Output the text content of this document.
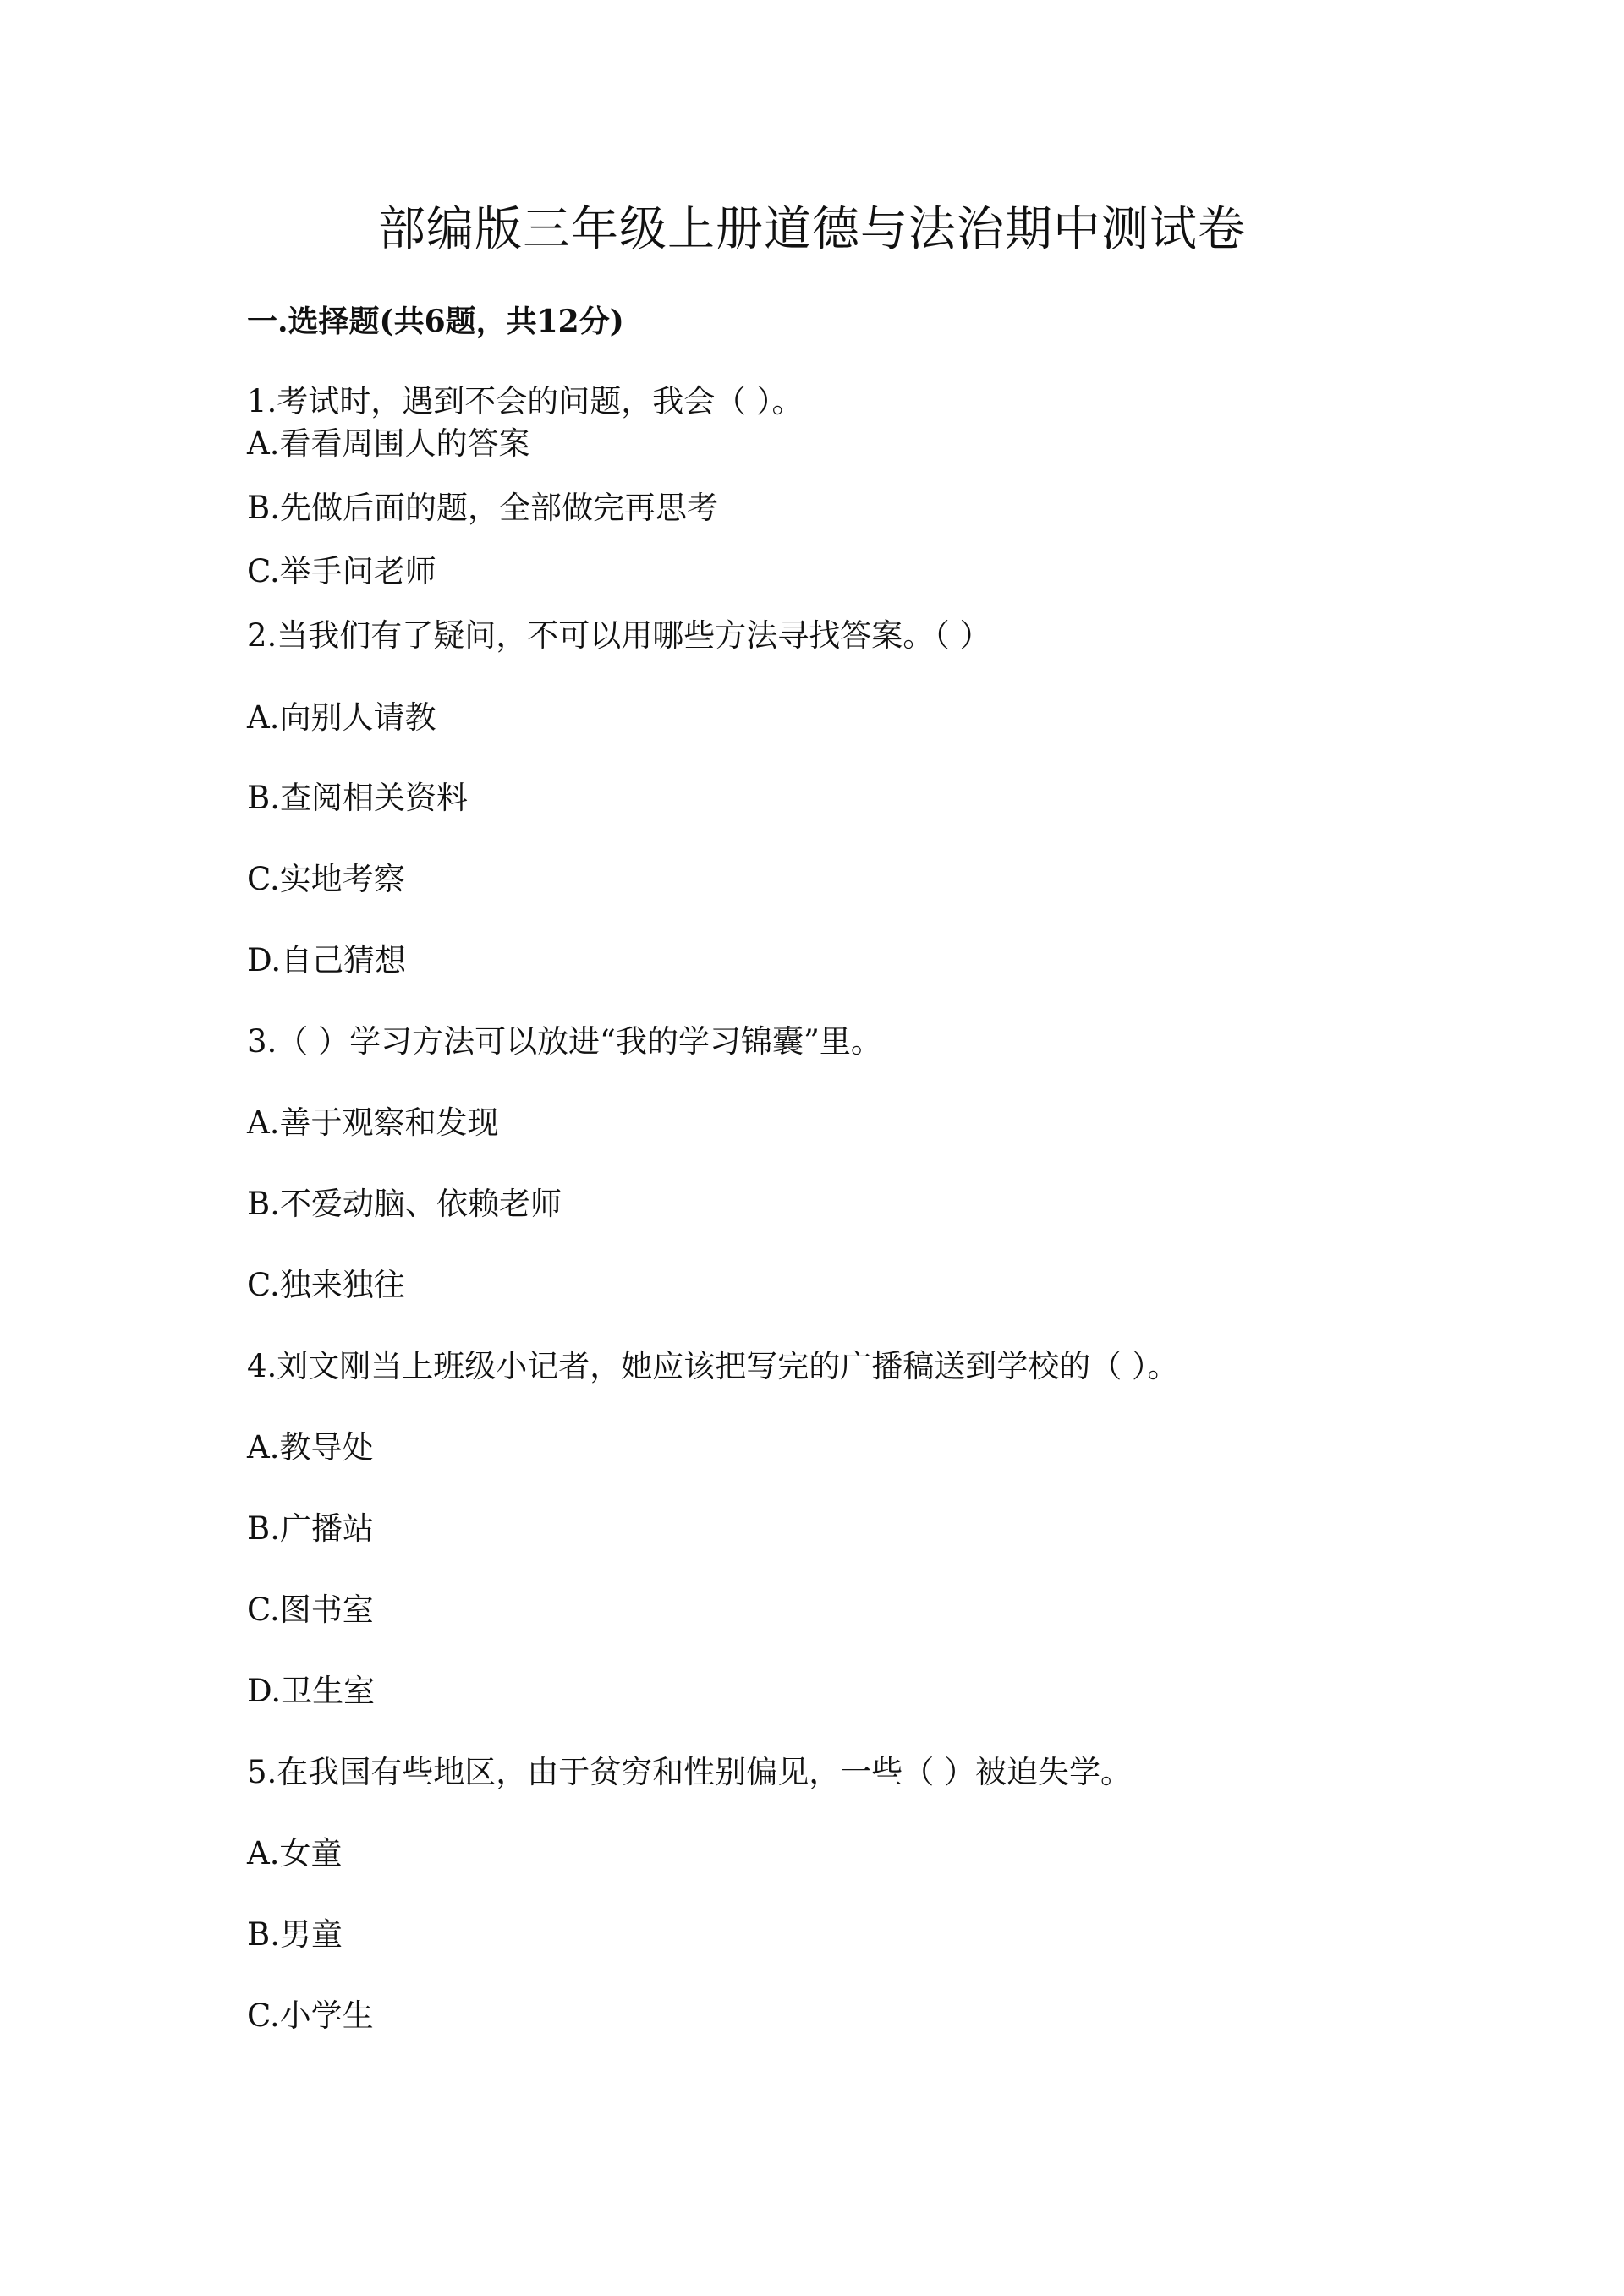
部编版三年级上册道德与法治期中测试卷
一.选择题(共6题，共12分)
1.考试时，遇到不会的问题，我会（ ）。
A.看看周围人的答案
B.先做后面的题，全部做完再思考
C.举手问老师
2.当我们有了疑问，不可以用哪些方法寻找答案。（ ）
A.向别人请教
B.查阅相关资料
C.实地考察
D.自己猜想
3.（ ）学习方法可以放进“我的学习锦囊”里。
A.善于观察和发现
B.不爱动脑、依赖老师
C.独来独往
4.刘文刚当上班级小记者，她应该把写完的广播稿送到学校的（ ）。
A.教导处
B.广播站
C.图书室
D.卫生室
5.在我国有些地区，由于贫穷和性别偏见，一些（ ）被迫失学。
A.女童
B.男童
C.小学生
